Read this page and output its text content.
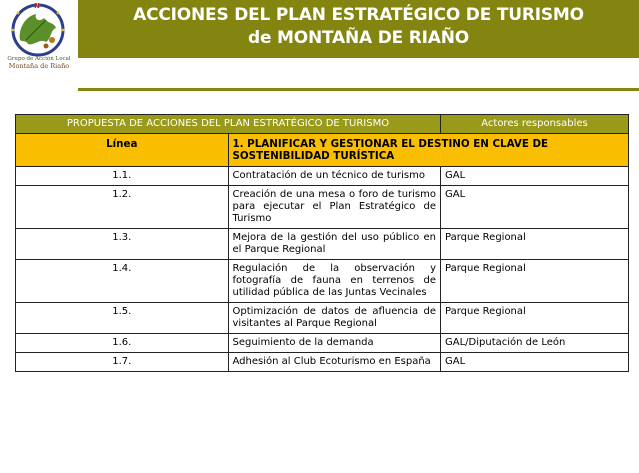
N
Grupo de Acción Local
Montaña de Riaño
ACCIONES DEL PLAN ESTRATÉGICO DE TURISMO
de MONTAÑA DE RIAÑO
PROPUESTA DE ACCIONES DEL PLAN ESTRATÉGICO DE TURISMO		Actores responsables
Línea	1. PLANIFICAR Y GESTIONAR EL DESTINO EN CLAVE DE SOSTENIBILIDAD TURÍSTICA	
1.1.	Contratación de un técnico de turismo	GAL
1.2.	Creación de una mesa o foro de turismo para ejecutar el Plan Estratégico de Turismo	GAL
1.3.	Mejora de la gestión del uso público en el Parque Regional	Parque Regional
1.4.	Regulación de la observación y fotografía de fauna en terrenos de utilidad pública de las Juntas Vecinales	Parque Regional
1.5.	Optimización de datos de afluencia de visitantes al Parque Regional	Parque Regional
1.6.	Seguimiento de la demanda	GAL/Diputación de León
1.7.	Adhesión al Club Ecoturismo en España	GAL
